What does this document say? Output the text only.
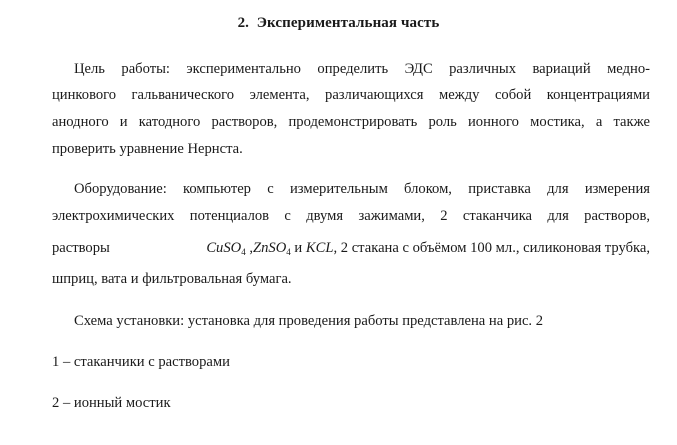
2. Экспериментальная часть
Цель работы: экспериментально определить ЭДС различных вариаций медно-
цинкового гальванического элемента, различающихся между собой концентрациями
анодного и катодного растворов, продемонстрировать роль ионного мостика, а также
проверить уравнение Нернста.
Оборудование: компьютер с измерительным блоком, приставка для измерения
электрохимических потенциалов с двумя зажимами, 2 стаканчика для растворов,
растворы	CuSO$_4$ ,ZnSO$_4$ и KCL, 2 стакана с объёмом 100 мл., силиконовая трубка,
шприц, вата и фильтровальная бумага.
Схема установки: установка для проведения работы представлена на рис. 2
1 – стаканчики с растворами
2 – ионный мостик
